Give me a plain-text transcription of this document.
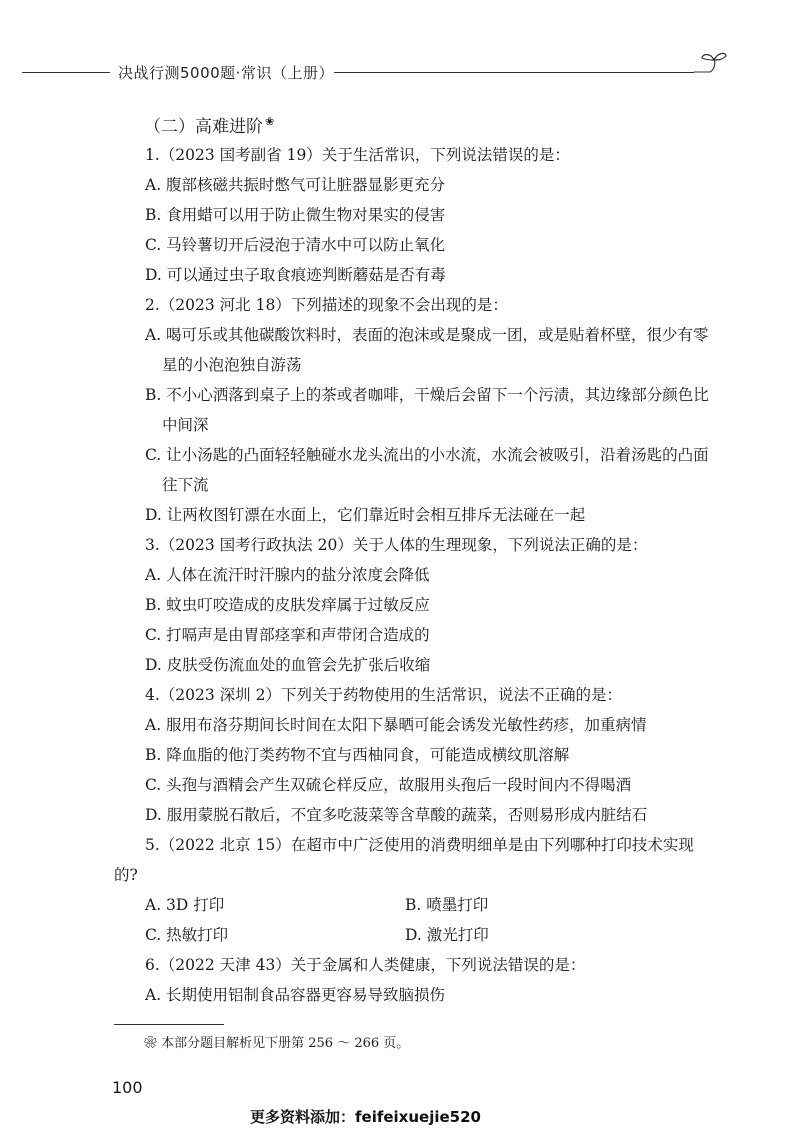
决战行测5000题·常识（上册）
（二）高难进阶 ❀
1.（2023 国考副省 19）关于生活常识，下列说法错误的是：
A. 腹部核磁共振时憋气可让脏器显影更充分
B. 食用蜡可以用于防止微生物对果实的侵害
C. 马铃薯切开后浸泡于清水中可以防止氧化
D. 可以通过虫子取食痕迹判断蘑菇是否有毒
2.（2023 河北 18）下列描述的现象不会出现的是：
A. 喝可乐或其他碳酸饮料时，表面的泡沫或是聚成一团，或是贴着杯壁，很少有零星的小泡泡独自游荡
B. 不小心洒落到桌子上的茶或者咖啡，干燥后会留下一个污渍，其边缘部分颜色比中间深
C. 让小汤匙的凸面轻轻触碰水龙头流出的小水流，水流会被吸引，沿着汤匙的凸面往下流
D. 让两枚图钉漂在水面上，它们靠近时会相互排斥无法碰在一起
3.（2023 国考行政执法 20）关于人体的生理现象，下列说法正确的是：
A. 人体在流汗时汗腺内的盐分浓度会降低
B. 蚊虫叮咬造成的皮肤发痒属于过敏反应
C. 打嗝声是由胃部痉挛和声带闭合造成的
D. 皮肤受伤流血处的血管会先扩张后收缩
4.（2023 深圳 2）下列关于药物使用的生活常识，说法不正确的是：
A. 服用布洛芬期间长时间在太阳下暴晒可能会诱发光敏性药疹，加重病情
B. 降血脂的他汀类药物不宜与西柚同食，可能造成横纹肌溶解
C. 头孢与酒精会产生双硫仑样反应，故服用头孢后一段时间内不得喝酒
D. 服用蒙脱石散后，不宜多吃菠菜等含草酸的蔬菜，否则易形成内脏结石
5.（2022 北京 15）在超市中广泛使用的消费明细单是由下列哪种打印技术实现的?
A. 3D 打印	B. 喷墨打印
C. 热敏打印	D. 激光打印
6.（2022 天津 43）关于金属和人类健康，下列说法错误的是：
A. 长期使用铝制食品容器更容易导致脑损伤
❀ 本部分题目解析见下册第 256 ～ 266 页。
100
更多资料添加：feifeixuejie520
